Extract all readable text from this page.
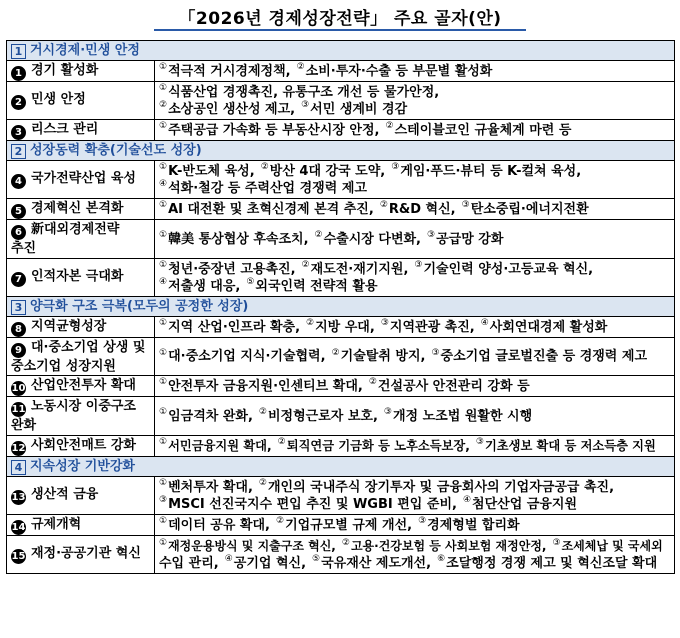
「2026년 경제성장전략」 주요 골자(안)
1 거시경제·민생 안정	
1 경기 활성화	①적극적 거시경제정책, ②소비·투자·수출 등 부문별 활성화

2 민생 안정	①식품산업 경쟁촉진, 유통구조 개선 등 물가안정,
②소상공인 생산성 제고, ③서민 생계비 경감

3 리스크 관리	①주택공급 가속화 등 부동산시장 안정, ②스테이블코인 규율체계 마련 등

2 성장동력 확충(기술선도 성장)	
4 국가전략산업 육성	①K-반도체 육성, ②방산 4대 강국 도약, ③게임·푸드·뷰티 등 K-컬쳐 육성,
④석화·철강 등 주력산업 경쟁력 제고

5 경제혁신 본격화	①AI 대전환 및 초혁신경제 본격 추진, ②R&D 혁신, ③탄소중립·에너지전환

6 新대외경제전략
추진	①韓美 통상협상 후속조치, ②수출시장 다변화, ③공급망 강화

7 인적자본 극대화	①청년·중장년 고용촉진, ②재도전·재기지원, ③기술인력 양성·고등교육 혁신,
④저출생 대응, ⑤외국인력 전략적 활용

3 양극화 구조 극복(모두의 공정한 성장)	
8 지역균형성장	①지역 산업·인프라 확충, ②지방 우대, ③지역관광 촉진, ④사회연대경제 활성화

9 대·중소기업 상생 및
중소기업 성장지원	①대·중소기업 지식·기술협력, ②기술탈취 방지, ③중소기업 글로벌진출 등 경쟁력 제고

10 산업안전투자 확대	①안전투자 금융지원·인센티브 확대, ②건설공사 안전관리 강화 등

11 노동시장 이중구조
완화	①임금격차 완화, ②비정형근로자 보호, ③개정 노조법 원활한 시행

12 사회안전매트 강화	①서민금융지원 확대, ②퇴직연금 기금화 등 노후소득보장, ③기초생보 확대 등 저소득층 지원

4 지속성장 기반강화	
13 생산적 금융	①벤처투자 확대, ②개인의 국내주식 장기투자 및 금융회사의 기업자금공급 촉진,
③MSCI 선진국지수 편입 추진 및 WGBI 편입 준비, ④첨단산업 금융지원

14 규제개혁	①데이터 공유 확대, ②기업규모별 규제 개선, ③경제형벌 합리화

15 재정·공공기관 혁신	①재정운용방식 및 지출구조 혁신, ②고용·건강보험 등 사회보험 재정안정, ③조세체납 및 국세외
수입 관리, ④공기업 혁신, ⑤국유재산 제도개선, ⑥조달행정 경쟁 제고 및 혁신조달 확대
